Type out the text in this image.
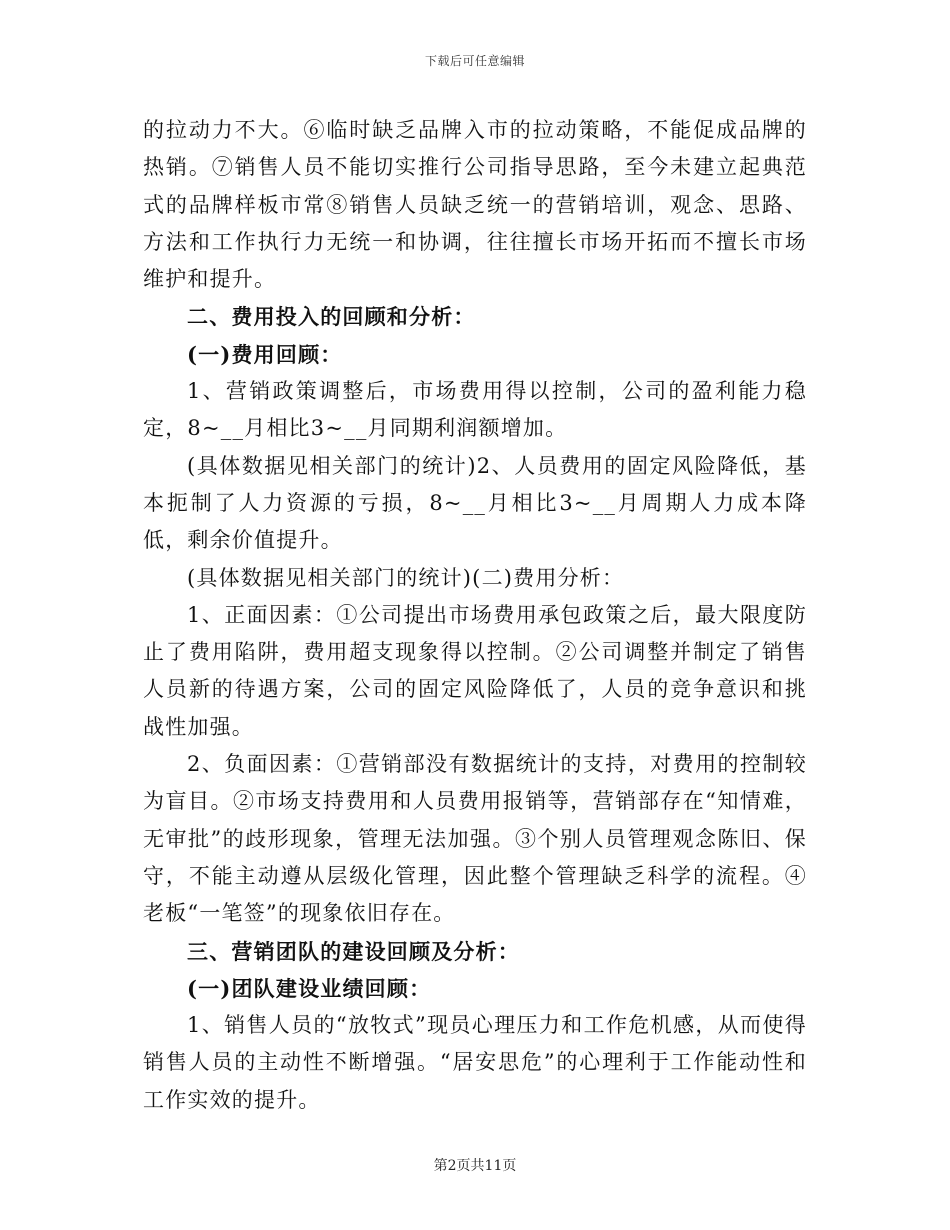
下载后可任意编辑

的拉动力不大。⑥临时缺乏品牌入市的拉动策略，不能促成品牌的热销。⑦销售人员不能切实推行公司指导思路，至今未建立起典范式的品牌样板市常⑧销售人员缺乏统一的营销培训，观念、思路、方法和工作执行力无统一和协调，往往擅长市场开拓而不擅长市场维护和提升。

二、费用投入的回顾和分析：

(一)费用回顾：

1、营销政策调整后，市场费用得以控制，公司的盈利能力稳定，8~__月相比3~__月同期利润额增加。

(具体数据见相关部门的统计)2、人员费用的固定风险降低，基本扼制了人力资源的亏损，8~__月相比3~__月周期人力成本降低，剩余价值提升。

(具体数据见相关部门的统计)(二)费用分析：

1、正面因素：①公司提出市场费用承包政策之后，最大限度防止了费用陷阱，费用超支现象得以控制。②公司调整并制定了销售人员新的待遇方案，公司的固定风险降低了，人员的竞争意识和挑战性加强。

2、负面因素：①营销部没有数据统计的支持，对费用的控制较为盲目。②市场支持费用和人员费用报销等，营销部存在“知情难，无审批”的歧形现象，管理无法加强。③个别人员管理观念陈旧、保守，不能主动遵从层级化管理，因此整个管理缺乏科学的流程。④老板“一笔签”的现象依旧存在。

三、营销团队的建设回顾及分析：

(一)团队建设业绩回顾：

1、销售人员的“放牧式”现员心理压力和工作危机感，从而使得销售人员的主动性不断增强。“居安思危”的心理利于工作能动性和工作实效的提升。

第2页共11页
